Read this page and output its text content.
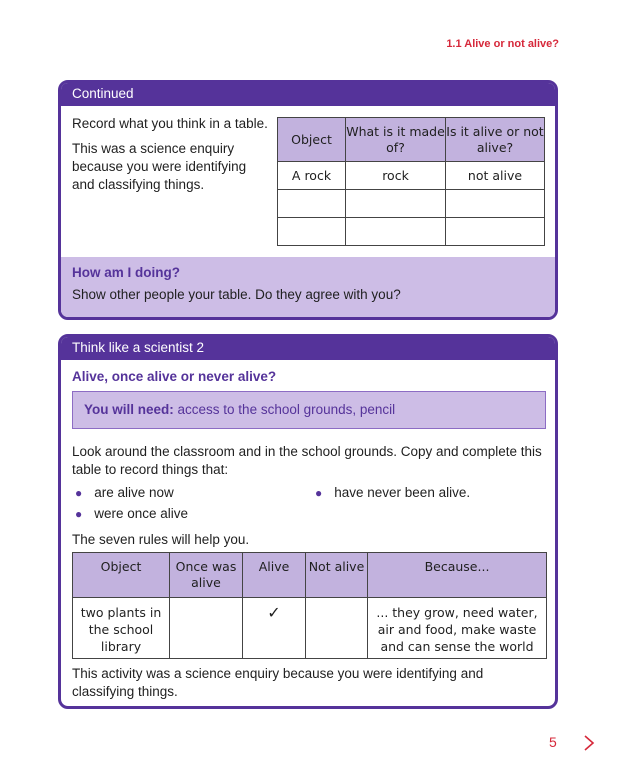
1.1 Alive or not alive?
Continued
Record what you think in a table.
This was a science enquiry because you were identifying and classifying things.
Object	What is it made of?	Is it alive or not alive?
A rock	rock	not alive

How am I doing?
Show other people your table. Do they agree with you?
Think like a scientist 2
Alive, once alive or never alive?
You will need: access to the school grounds, pencil
Look around the classroom and in the school grounds. Copy and complete this table to record things that:
● are alive now	● have never been alive.
● were once alive
The seven rules will help you.
Object	Once was alive	Alive	Not alive	Because...
two plants in the school library		✓		... they grow, need water, air and food, make waste and can sense the world
This activity was a science enquiry because you were identifying and classifying things.
5
